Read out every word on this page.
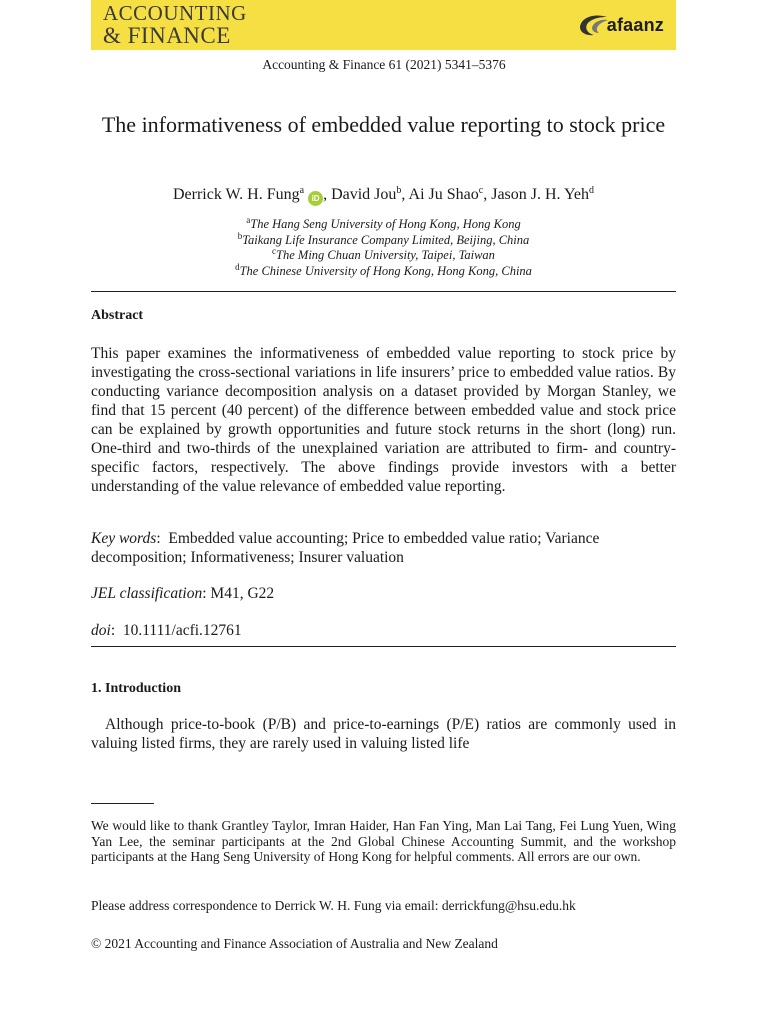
ACCOUNTING
& FINANCE	afaanz
Accounting & Finance 61 (2021) 5341–5376
The informativeness of embedded value reporting to stock price
Derrick W. H. Fung$^a$iD , David Jou$^b$, Ai Ju Shao$^c$, Jason J. H. Yeh$^d$
$^a$The Hang Seng University of Hong Kong, Hong Kong
$^b$Taikang Life Insurance Company Limited, Beijing, China
$^c$The Ming Chuan University, Taipei, Taiwan
$^d$The Chinese University of Hong Kong, Hong Kong, China
Abstract
This paper examines the informativeness of embedded value reporting to stock price by investigating the cross-sectional variations in life insurers’ price to embedded value ratios. By conducting variance decomposition analysis on a dataset provided by Morgan Stanley, we find that 15 percent (40 percent) of the difference between embedded value and stock price can be explained by growth opportunities and future stock returns in the short (long) run. One-third and two-thirds of the unexplained variation are attributed to firm- and country-specific factors, respectively. The above findings provide investors with a better understanding of the value relevance of embedded value reporting.
Key words:  Embedded value accounting; Price to embedded value ratio; Variance decomposition; Informativeness; Insurer valuation
JEL classification: M41, G22
doi:  10.1111/acfi.12761
1. Introduction
Although price-to-book (P/B) and price-to-earnings (P/E) ratios are commonly used in valuing listed firms, they are rarely used in valuing listed life
We would like to thank Grantley Taylor, Imran Haider, Han Fan Ying, Man Lai Tang, Fei Lung Yuen, Wing Yan Lee, the seminar participants at the 2nd Global Chinese Accounting Summit, and the workshop participants at the Hang Seng University of Hong Kong for helpful comments. All errors are our own.
Please address correspondence to Derrick W. H. Fung via email: derrickfung@hsu.edu.hk
© 2021 Accounting and Finance Association of Australia and New Zealand
